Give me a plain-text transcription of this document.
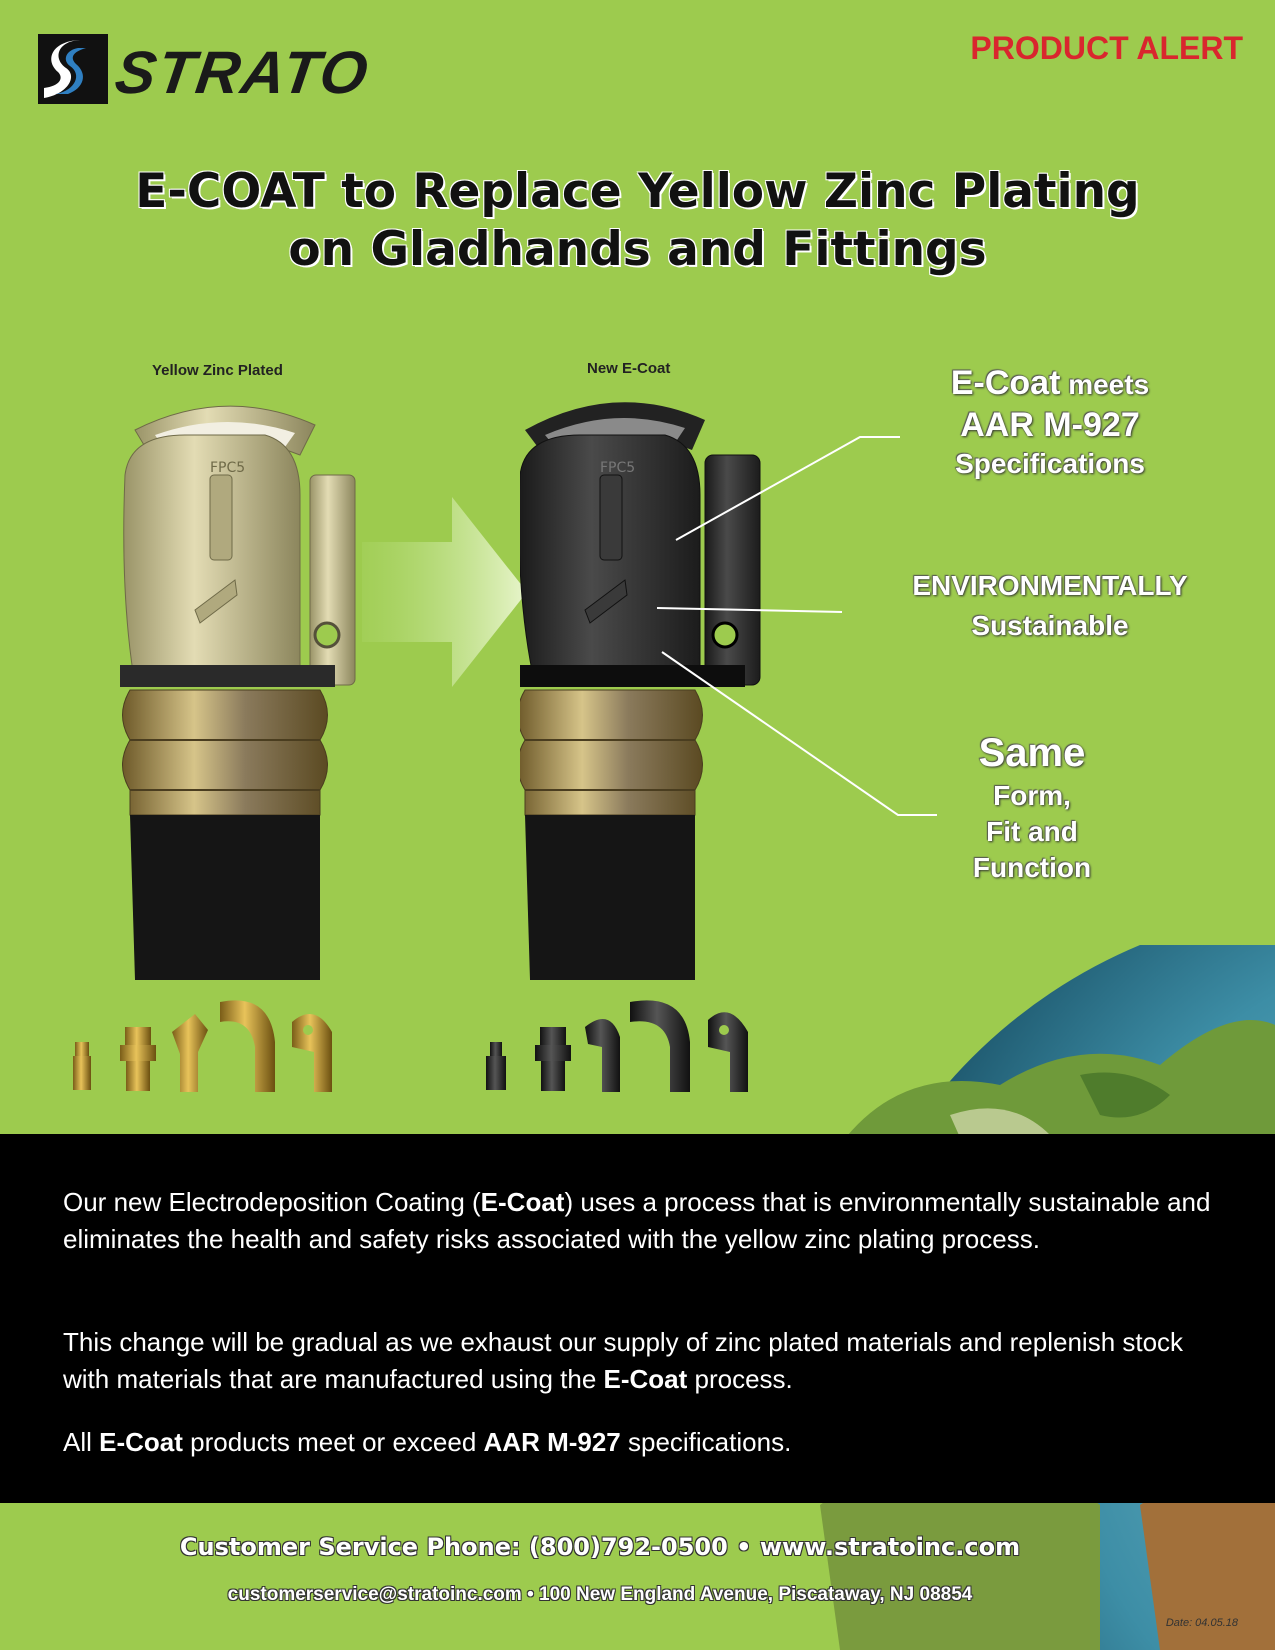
STRATO	PRODUCT ALERT
E-COAT to Replace Yellow Zinc Plating
on Gladhands and Fittings
Yellow Zinc Plated	New E-Coat
FPC5	FPC5
E-Coat meets
AAR M-927
Specifications
ENVIRONMENTALLY
Sustainable
Same
Form,
Fit and
Function

Our new Electrodeposition Coating (E-Coat) uses a process that is environmentally sustainable and eliminates the health and safety risks associated with the yellow zinc plating process.

This change will be gradual as we exhaust our supply of zinc plated materials and replenish stock with materials that are manufactured using the E-Coat process.

All E-Coat products meet or exceed AAR M-927 specifications.

Customer Service Phone: (800)792-0500 • www.stratoinc.com
customerservice@stratoinc.com • 100 New England Avenue, Piscataway, NJ 08854
Date: 04.05.18
